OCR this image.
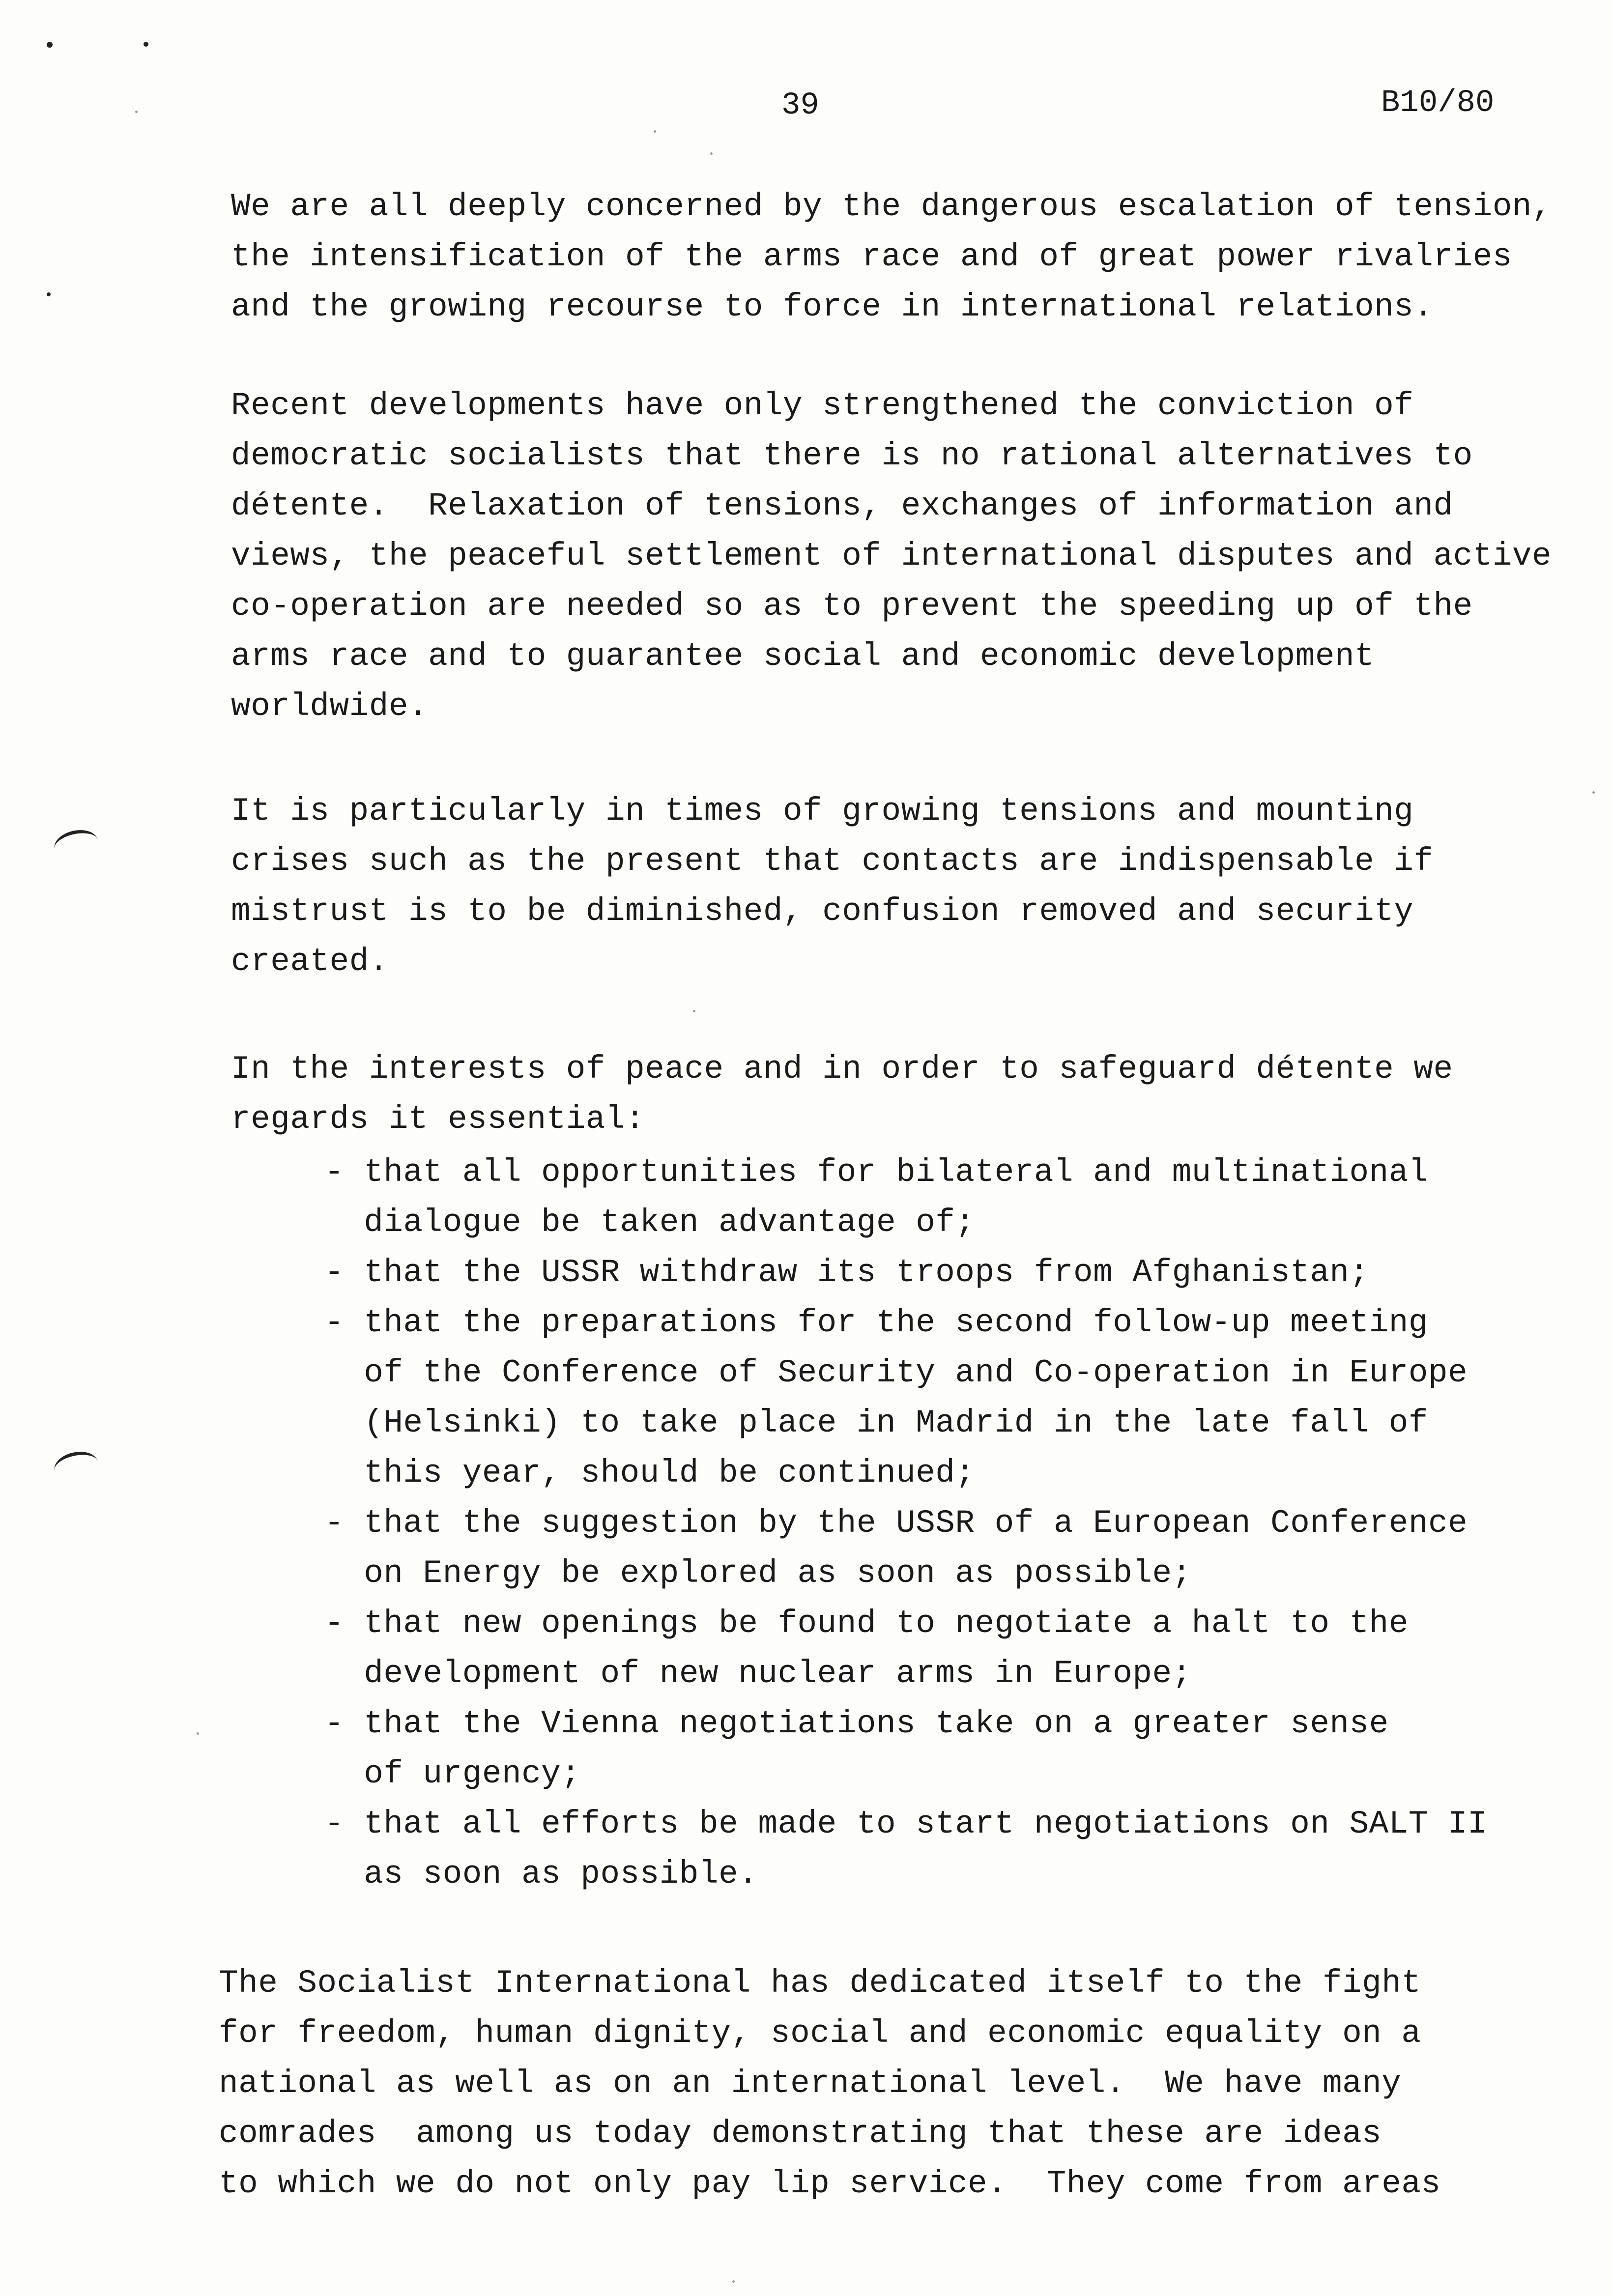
39	B10/80
We are all deeply concerned by the dangerous escalation of tension,
the intensification of the arms race and of great power rivalries
and the growing recourse to force in international relations.
Recent developments have only strengthened the conviction of
democratic socialists that there is no rational alternatives to
détente.  Relaxation of tensions, exchanges of information and
views, the peaceful settlement of international disputes and active
co-operation are needed so as to prevent the speeding up of the
arms race and to guarantee social and economic development
worldwide.
It is particularly in times of growing tensions and mounting
crises such as the present that contacts are indispensable if
mistrust is to be diminished, confusion removed and security
created.
In the interests of peace and in order to safeguard détente we
regards it essential:
- that all opportunities for bilateral and multinational
dialogue be taken advantage of;
- that the USSR withdraw its troops from Afghanistan;
- that the preparations for the second follow-up meeting
of the Conference of Security and Co-operation in Europe
(Helsinki) to take place in Madrid in the late fall of
this year, should be continued;
- that the suggestion by the USSR of a European Conference
on Energy be explored as soon as possible;
- that new openings be found to negotiate a halt to the
development of new nuclear arms in Europe;
- that the Vienna negotiations take on a greater sense
of urgency;
- that all efforts be made to start negotiations on SALT II
as soon as possible.
The Socialist International has dedicated itself to the fight
for freedom, human dignity, social and economic equality on a
national as well as on an international level.  We have many
comrades  among us today demonstrating that these are ideas
to which we do not only pay lip service.  They come from areas
